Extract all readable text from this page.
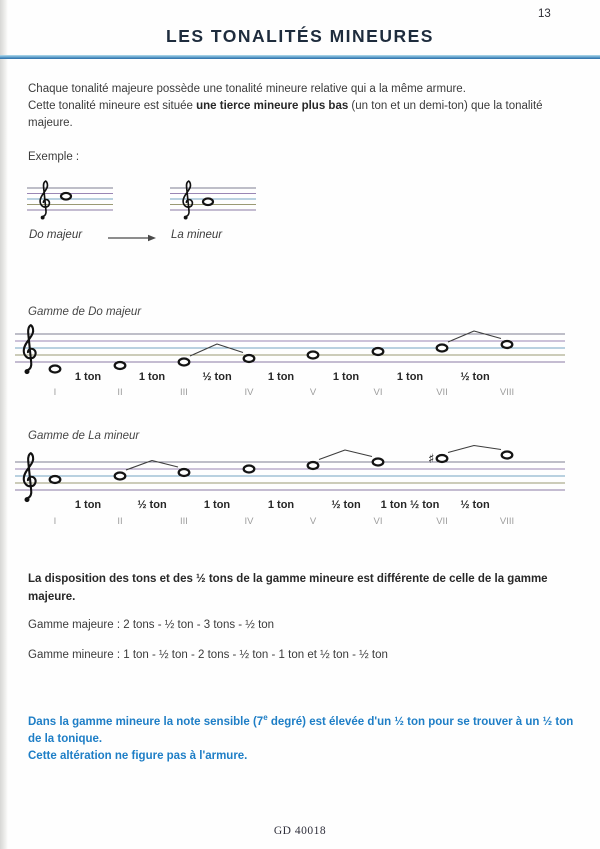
13
LES TONALITÉS MINEURES
Chaque tonalité majeure possède une tonalité mineure relative qui a la même armure.
Cette tonalité mineure est située une tierce mineure plus bas (un ton et un demi-ton) que la tonalité
majeure.
Exemple :
Do majeur	La mineur
Gamme de Do majeur
1 ton	1 ton	½ ton	1 ton	1 ton	1 ton	½ ton
I	II	III	IV	V	VI	VII	VIII
Gamme de La mineur
♯
1 ton	½ ton	1 ton	1 ton	½ ton 1 ton ½ ton ½ ton
I	II	III	IV	V	VI	VII	VIII
La disposition des tons et des ½ tons de la gamme mineure est différente de celle de la gamme
majeure.
Gamme majeure : 2 tons - ½ ton - 3 tons - ½ ton
Gamme mineure : 1 ton - ½ ton - 2 tons - ½ ton - 1 ton et ½ ton - ½ ton
Dans la gamme mineure la note sensible (7e degré) est élevée d'un ½ ton pour se trouver à un ½ ton
de la tonique.
Cette altération ne figure pas à l'armure.
GD 40018
